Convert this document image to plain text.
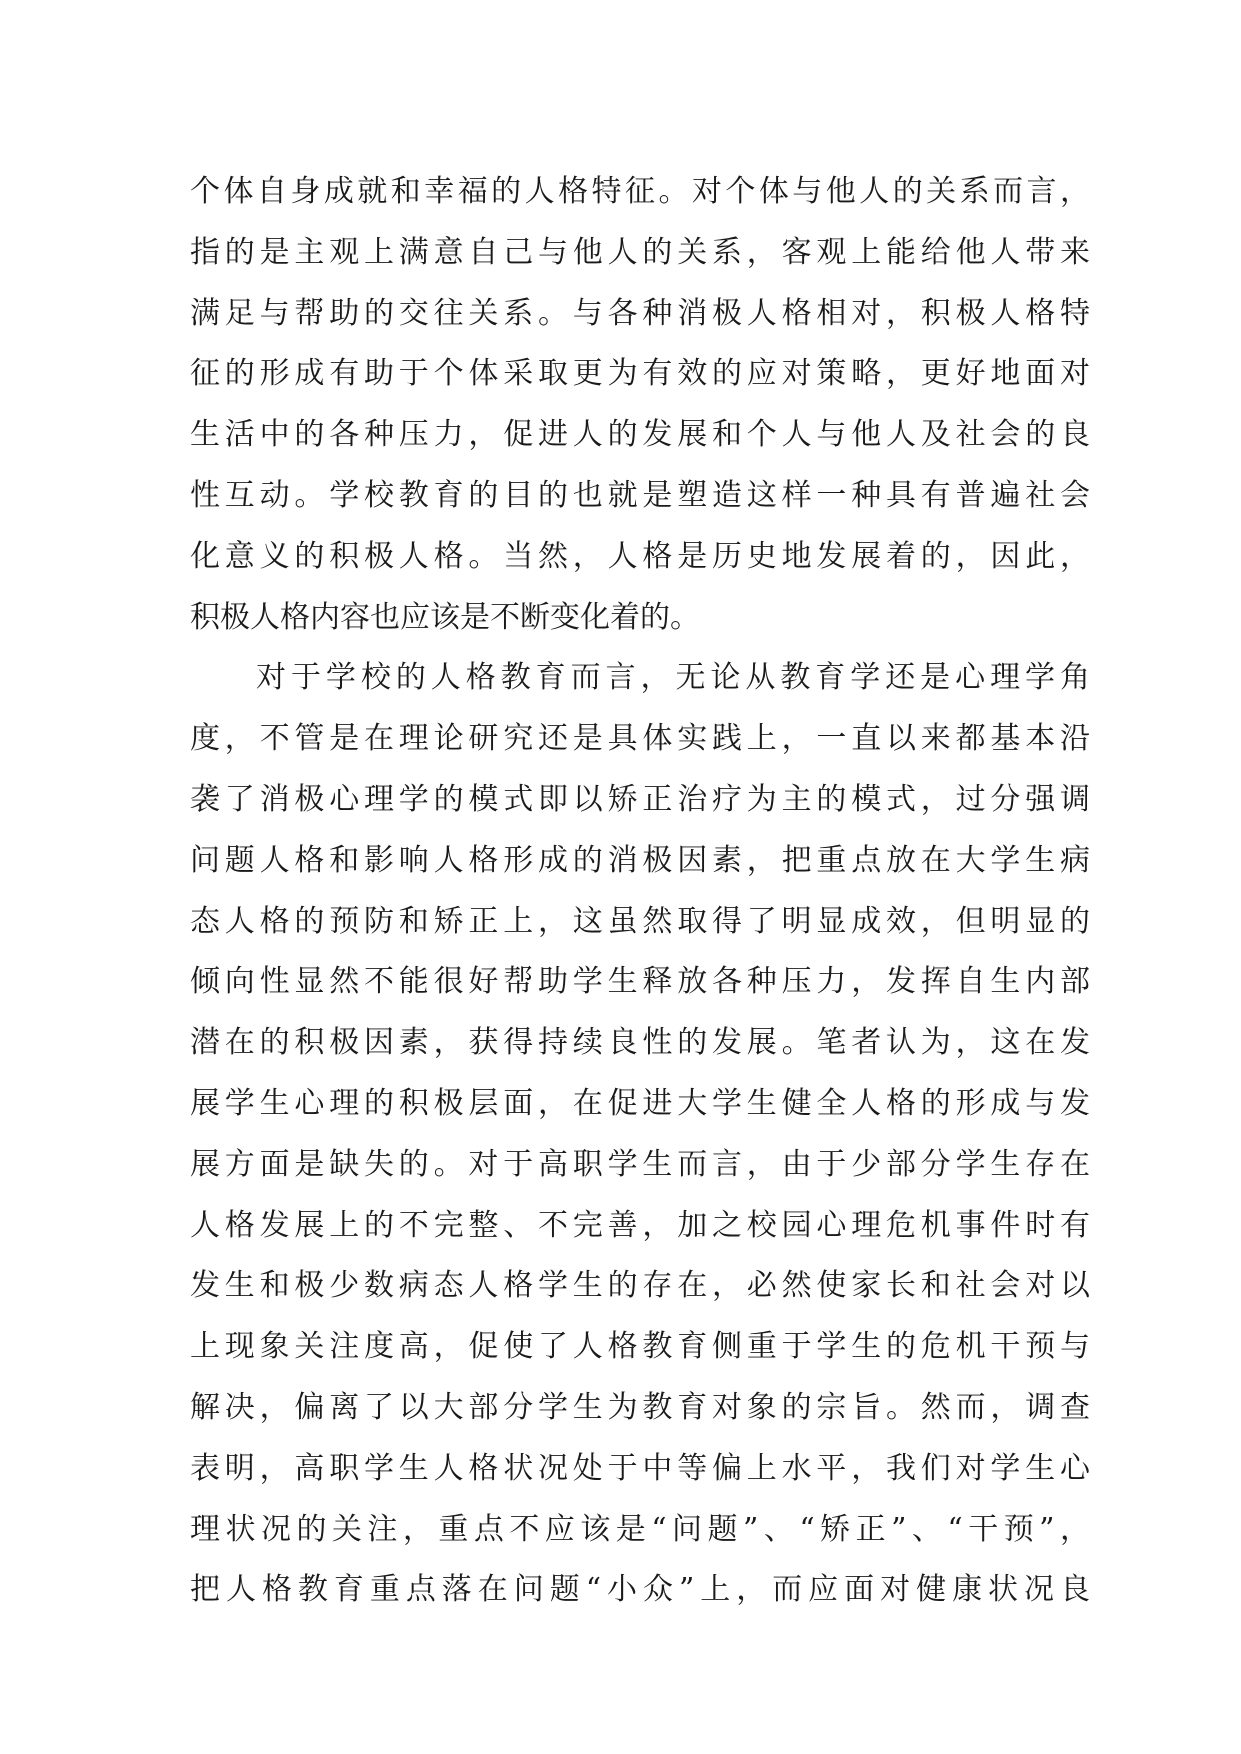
个体自身成就和幸福的人格特征。对个体与他人的关系而言，
指的是主观上满意自己与他人的关系，客观上能给他人带来
满足与帮助的交往关系。与各种消极人格相对，积极人格特
征的形成有助于个体采取更为有效的应对策略，更好地面对
生活中的各种压力，促进人的发展和个人与他人及社会的良
性互动。学校教育的目的也就是塑造这样一种具有普遍社会
化意义的积极人格。当然，人格是历史地发展着的，因此，
积极人格内容也应该是不断变化着的。
对于学校的人格教育而言，无论从教育学还是心理学角
度，不管是在理论研究还是具体实践上，一直以来都基本沿
袭了消极心理学的模式即以矫正治疗为主的模式，过分强调
问题人格和影响人格形成的消极因素，把重点放在大学生病
态人格的预防和矫正上，这虽然取得了明显成效，但明显的
倾向性显然不能很好帮助学生释放各种压力，发挥自生内部
潜在的积极因素，获得持续良性的发展。笔者认为，这在发
展学生心理的积极层面，在促进大学生健全人格的形成与发
展方面是缺失的。对于高职学生而言，由于少部分学生存在
人格发展上的不完整、不完善，加之校园心理危机事件时有
发生和极少数病态人格学生的存在，必然使家长和社会对以
上现象关注度高，促使了人格教育侧重于学生的危机干预与
解决，偏离了以大部分学生为教育对象的宗旨。然而，调查
表明，高职学生人格状况处于中等偏上水平，我们对学生心
理状况的关注，重点不应该是“问题”、“矫正”、“干预”，
把人格教育重点落在问题“小众”上，而应面对健康状况良
